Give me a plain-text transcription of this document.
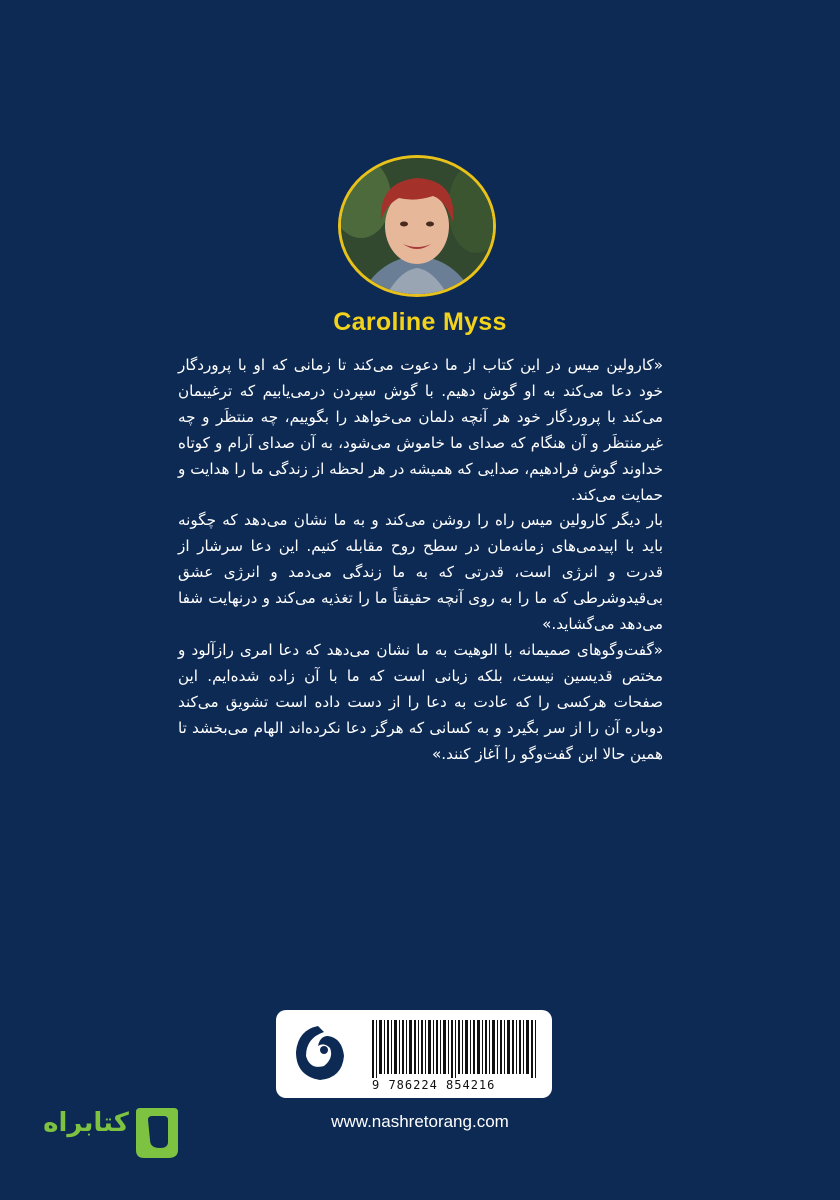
Caroline Myss

«کارولین میس در این کتاب از ما دعوت می‌کند تا زمانی که او با پروردگار خود دعا می‌کند به او گوش دهیم. با گوش سپردن درمی‌یابیم که ترغیبمان می‌کند با پروردگار خود هر آنچه دلمان می‌خواهد را بگوییم، چه منتظَر و چه غیرمنتظَر و آن هنگام که صدای ما خاموش می‌شود، به آن صدای آرام و کوتاه خداوند گوش فرادهیم، صدایی که همیشه در هر لحظه از زندگی ما را هدایت و حمایت می‌کند.

بار دیگر کارولین میس راه را روشن می‌کند و به ما نشان می‌دهد که چگونه باید با اپیدمی‌های زمانه‌مان در سطح روح مقابله کنیم. این دعا سرشار از قدرت و انرژی است، قدرتی که به ما زندگی می‌دمد و انرژی عشق بی‌قیدوشرطی که ما را به روی آنچه حقیقتاً ما را تغذیه می‌کند و درنهایت شفا می‌دهد می‌گشاید.»

«گفت‌وگوهای صمیمانه با الوهیت به ما نشان می‌دهد که دعا امری رازآلود و مختص قدیسین نیست، بلکه زبانی است که ما با آن زاده شده‌ایم. این صفحات هرکسی را که عادت به دعا را از دست داده است تشویق می‌کند دوباره آن را از سر بگیرد و به کسانی که هرگز دعا نکرده‌اند الهام می‌بخشد تا همین حالا این گفت‌وگو را آغاز کنند.»

9 786224 854216
www.nashretorang.com
کتابراه
